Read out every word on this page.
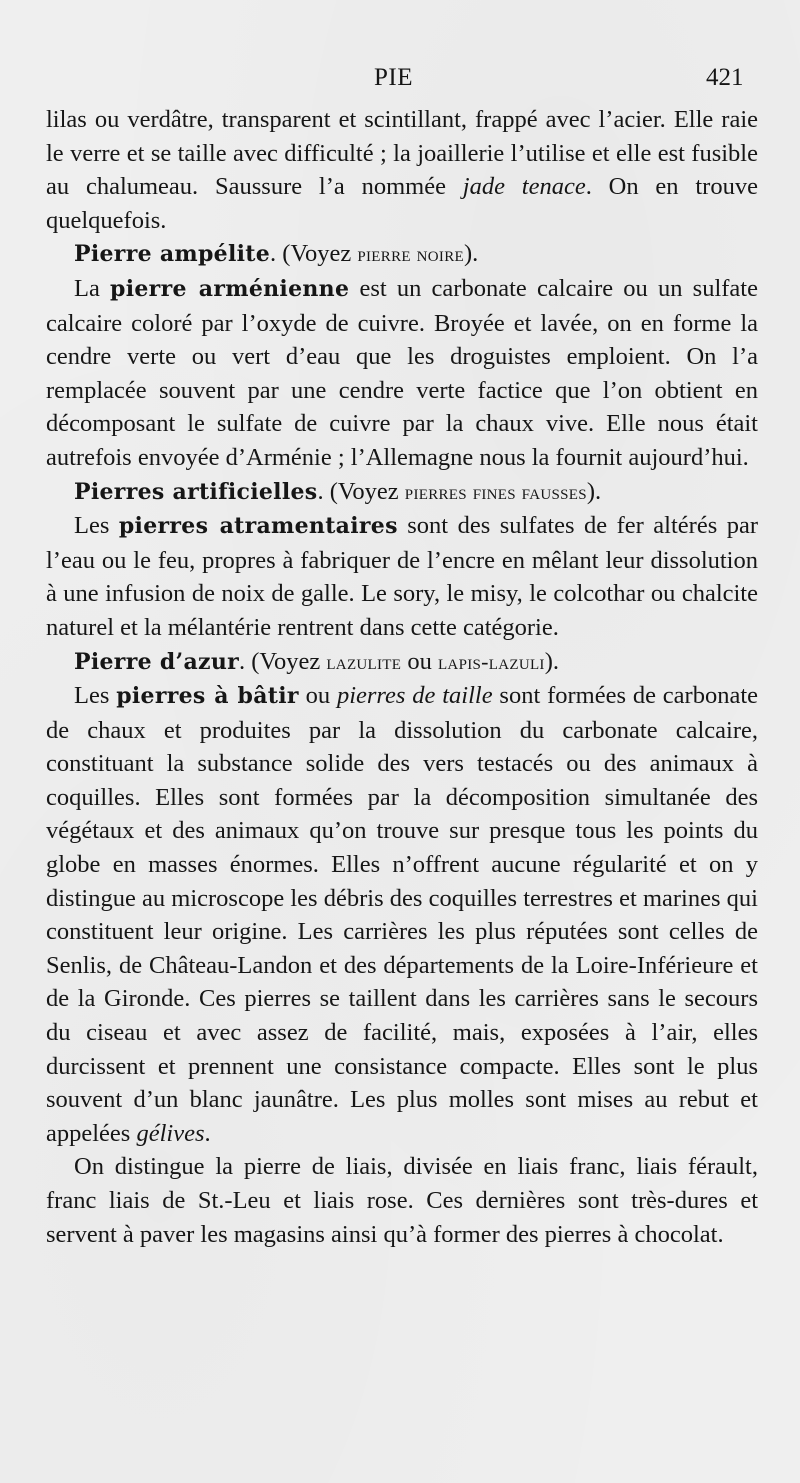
PIE	421

lilas ou verdâtre, transparent et scintillant, frappé avec l’acier. Elle raie le verre et se taille avec difficulté ; la joaillerie l’utilise et elle est fusible au chalumeau. Saussure l’a nommée jade tenace. On en trouve quelquefois.

Pierre ampélite. (Voyez pierre noire).

La pierre arménienne est un carbonate calcaire ou un sulfate calcaire coloré par l’oxyde de cuivre. Broyée et lavée, on en forme la cendre verte ou vert d’eau que les droguistes emploient. On l’a remplacée souvent par une cendre verte factice que l’on obtient en décomposant le sulfate de cuivre par la chaux vive. Elle nous était autrefois envoyée d’Arménie ; l’Allemagne nous la fournit aujourd’hui.

Pierres artificielles. (Voyez pierres fines fausses).

Les pierres atramentaires sont des sulfates de fer altérés par l’eau ou le feu, propres à fabriquer de l’encre en mêlant leur dissolution à une infusion de noix de galle. Le sory, le misy, le colcothar ou chalcite naturel et la mélantérie rentrent dans cette catégorie.

Pierre d’azur. (Voyez lazulite ou lapis-lazuli).

Les pierres à bâtir ou pierres de taille sont formées de carbonate de chaux et produites par la dissolution du carbonate calcaire, constituant la substance solide des vers testacés ou des animaux à coquilles. Elles sont formées par la décomposition simultanée des végétaux et des animaux qu’on trouve sur presque tous les points du globe en masses énormes. Elles n’offrent aucune régularité et on y distingue au microscope les débris des coquilles terrestres et marines qui constituent leur origine. Les carrières les plus réputées sont celles de Senlis, de Château-Landon et des départements de la Loire-Inférieure et de la Gironde. Ces pierres se taillent dans les carrières sans le secours du ciseau et avec assez de facilité, mais, exposées à l’air, elles durcissent et prennent une consistance compacte. Elles sont le plus souvent d’un blanc jaunâtre. Les plus molles sont mises au rebut et appelées gélives.

On distingue la pierre de liais, divisée en liais franc, liais férault, franc liais de St.-Leu et liais rose. Ces dernières sont très-dures et servent à paver les magasins ainsi qu’à former des pierres à chocolat.
